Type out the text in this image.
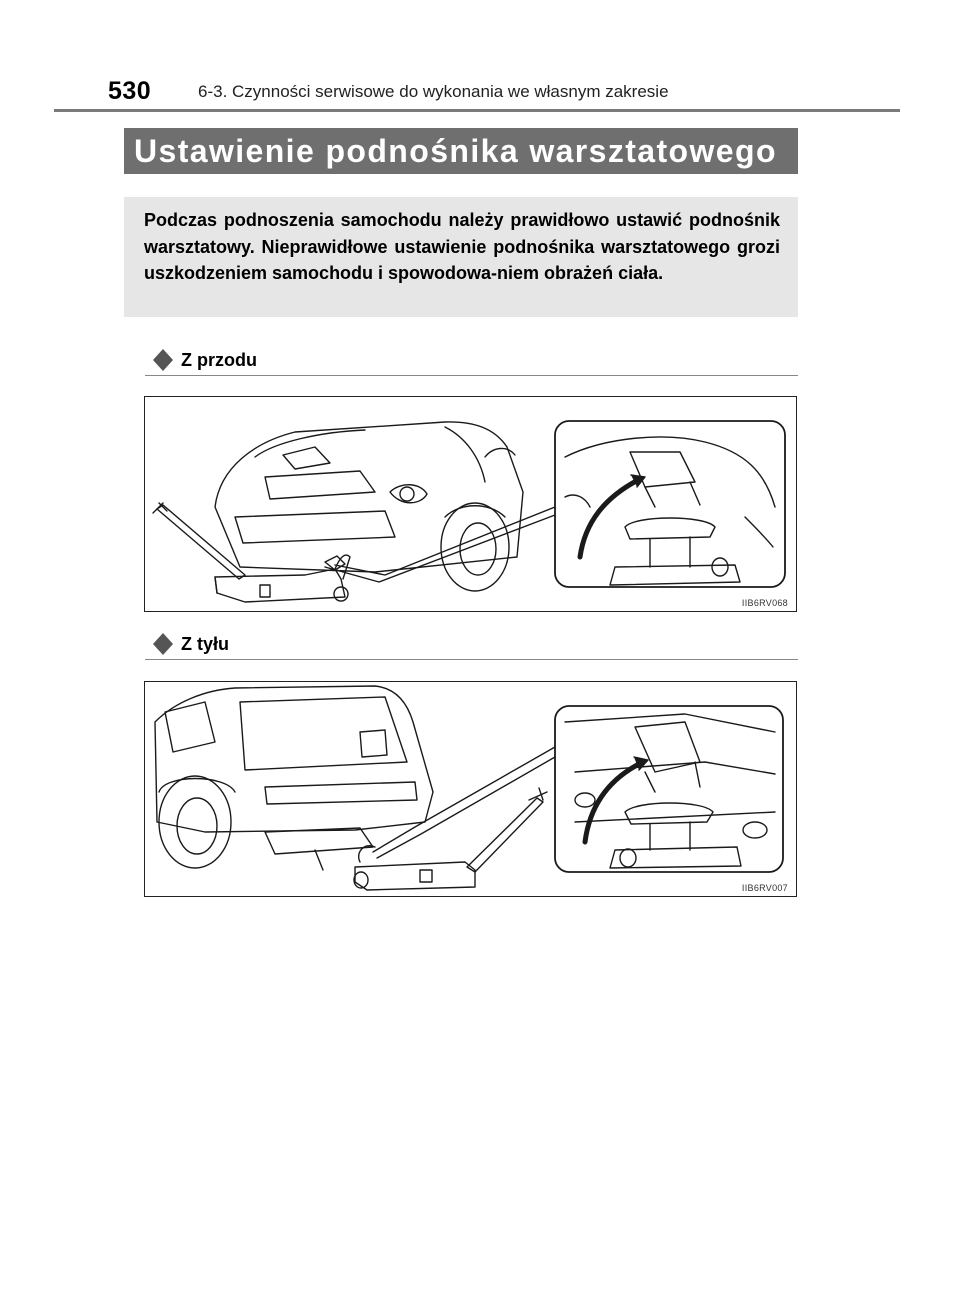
530	6-3. Czynności serwisowe do wykonania we własnym zakresie
Ustawienie podnośnika warsztatowego
Podczas podnoszenia samochodu należy prawidłowo ustawić podnośnik warsztatowy. Nieprawidłowe ustawienie podnośnika warsztatowego grozi uszkodzeniem samochodu i spowodowa-niem obrażeń ciała.
Z przodu
IIB6RV068
Z tyłu
IIB6RV007
